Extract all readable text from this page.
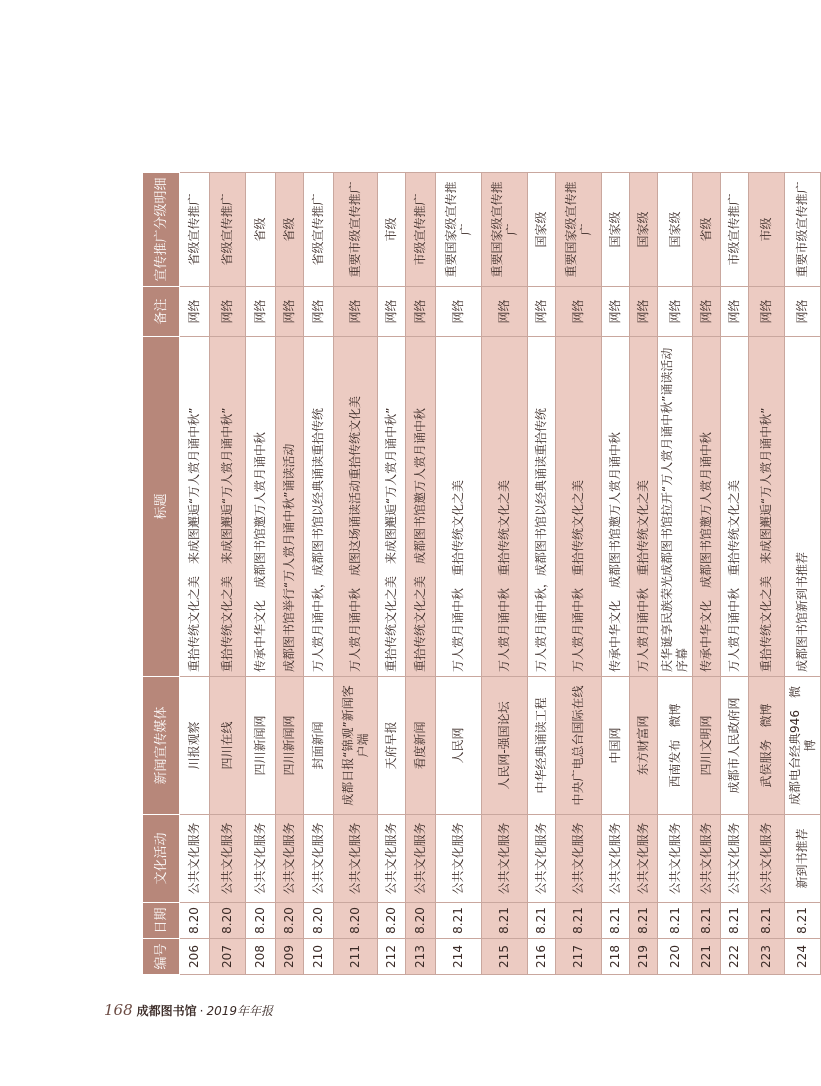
编号	日期	文化活动	新闻宣传媒体	标题	备注	宣传推广分级明细
206	8.20	公共文化服务	川报观察	重拾传统文化之美　来成图邂逅“万人赏月诵中秋”	网络	省级宣传推广
207	8.20	公共文化服务	四川在线	重拾传统文化之美　来成图邂逅“万人赏月诵中秋”	网络	省级宣传推广
208	8.20	公共文化服务	四川新闻网	传承中华文化　成都图书馆邀万人赏月诵中秋	网络	省级
209	8.20	公共文化服务	四川新闻网	成都图书馆举行“万人赏月诵中秋”诵读活动	网络	省级
210	8.20	公共文化服务	封面新闻	万人赏月诵中秋，成都图书馆以经典诵读重拾传统	网络	省级宣传推广
211	8.20	公共文化服务	成都日报“锦观”新闻客户端	万人赏月诵中秋　成图这场诵读活动重拾传统文化美	网络	重要市级宣传推广
212	8.20	公共文化服务	天府早报	重拾传统文化之美　来成图邂逅“万人赏月诵中秋”	网络	市级
213	8.20	公共文化服务	看度新闻	重拾传统文化之美　成都图书馆邀万人赏月诵中秋	网络	市级宣传推广
214	8.21	公共文化服务	人民网	万人赏月诵中秋　重拾传统文化之美	网络	重要国家级宣传推广
215	8.21	公共文化服务	人民网-强国论坛	万人赏月诵中秋　重拾传统文化之美	网络	重要国家级宣传推广
216	8.21	公共文化服务	中华经典诵读工程	万人赏月诵中秋，成都图书馆以经典诵读重拾传统	网络	国家级
217	8.21	公共文化服务	中央广电总台国际在线	万人赏月诵中秋　重拾传统文化之美	网络	重要国家级宣传推广
218	8.21	公共文化服务	中国网	传承中华文化　成都图书馆邀万人赏月诵中秋	网络	国家级
219	8.21	公共文化服务	东方财富网	万人赏月诵中秋　重拾传统文化之美	网络	国家级
220	8.21	公共文化服务	西南发布　微博	庆华诞享民族荣光成都图书馆拉开“万人赏月诵中秋”诵读活动序幕	网络	国家级
221	8.21	公共文化服务	四川文明网	传承中华文化　成都图书馆邀万人赏月诵中秋	网络	省级
222	8.21	公共文化服务	成都市人民政府网	万人赏月诵中秋　重拾传统文化之美	网络	市级宣传推广
223	8.21	公共文化服务	武侯服务　微博	重拾传统文化之美　来成图邂逅“万人赏月诵中秋”	网络	市级
224	8.21	新到书推荐	成都电台经典946　微博	成都图书馆新到书推荐	网络	重要市级宣传推广
168 成都图书馆 · 2019年年报
